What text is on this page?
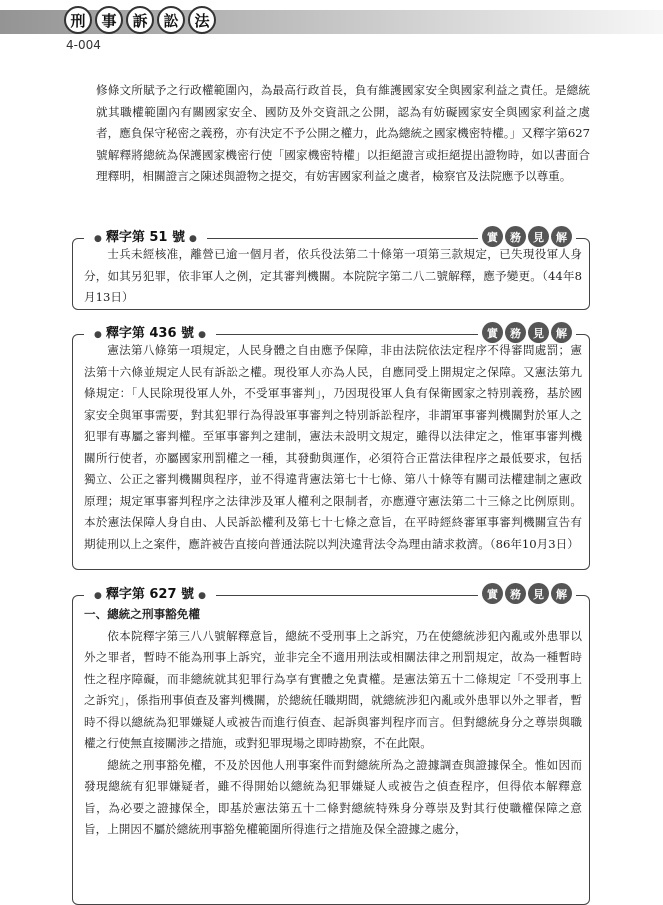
刑	事	訴	訟	法
4-004

修條文所賦予之行政權範圍內，為最高行政首長，負有維護國家安全與國家利益之責任。是總統就其職權範圍內有關國家安全、國防及外交資訊之公開，認為有妨礙國家安全與國家利益之虞者，應負保守秘密之義務，亦有決定不予公開之權力，此為總統之國家機密特權。」又釋字第627號解釋將總統為保護國家機密行使「國家機密特權」以拒絕證言或拒絕提出證物時，如以書面合理釋明，相關證言之陳述與證物之提交，有妨害國家利益之虞者，檢察官及法院應予以尊重。

● 釋字第 51 號 ●	實	務	見	解

士兵未經核准，離營已逾一個月者，依兵役法第二十條第一項第三款規定，已失現役軍人身分，如其另犯罪，依非軍人之例，定其審判機關。本院院字第二八二號解釋，應予變更。（44年8月13日）

● 釋字第 436 號 ●	實	務	見	解

憲法第八條第一項規定，人民身體之自由應予保障，非由法院依法定程序不得審問處罰；憲法第十六條並規定人民有訴訟之權。現役軍人亦為人民，自應同受上開規定之保障。又憲法第九條規定：「人民除現役軍人外，不受軍事審判」，乃因現役軍人負有保衛國家之特別義務，基於國家安全與軍事需要，對其犯罪行為得設軍事審判之特別訴訟程序，非謂軍事審判機關對於軍人之犯罪有專屬之審判權。至軍事審判之建制，憲法未設明文規定，雖得以法律定之，惟軍事審判機關所行使者，亦屬國家刑罰權之一種，其發動與運作，必須符合正當法律程序之最低要求，包括獨立、公正之審判機關與程序，並不得違背憲法第七十七條、第八十條等有關司法權建制之憲政原理；規定軍事審判程序之法律涉及軍人權利之限制者，亦應遵守憲法第二十三條之比例原則。本於憲法保障人身自由、人民訴訟權利及第七十七條之意旨，在平時經終審軍事審判機關宣告有期徒刑以上之案件，應許被告直接向普通法院以判決違背法令為理由請求救濟。（86年10月3日）

● 釋字第 627 號 ●	實	務	見	解

一、總統之刑事豁免權

依本院釋字第三八八號解釋意旨，總統不受刑事上之訴究，乃在使總統涉犯內亂或外患罪以外之罪者，暫時不能為刑事上訴究，並非完全不適用刑法或相關法律之刑罰規定，故為一種暫時性之程序障礙，而非總統就其犯罪行為享有實體之免責權。是憲法第五十二條規定「不受刑事上之訴究」，係指刑事偵查及審判機關，於總統任職期間，就總統涉犯內亂或外患罪以外之罪者，暫時不得以總統為犯罪嫌疑人或被告而進行偵查、起訴與審判程序而言。但對總統身分之尊崇與職權之行使無直接關涉之措施，或對犯罪現場之即時勘察，不在此限。

總統之刑事豁免權，不及於因他人刑事案件而對總統所為之證據調查與證據保全。惟如因而發現總統有犯罪嫌疑者，雖不得開始以總統為犯罪嫌疑人或被告之偵查程序，但得依本解釋意旨，為必要之證據保全，即基於憲法第五十二條對總統特殊身分尊崇及對其行使職權保障之意旨，上開因不屬於總統刑事豁免權範圍所得進行之措施及保全證據之處分，
